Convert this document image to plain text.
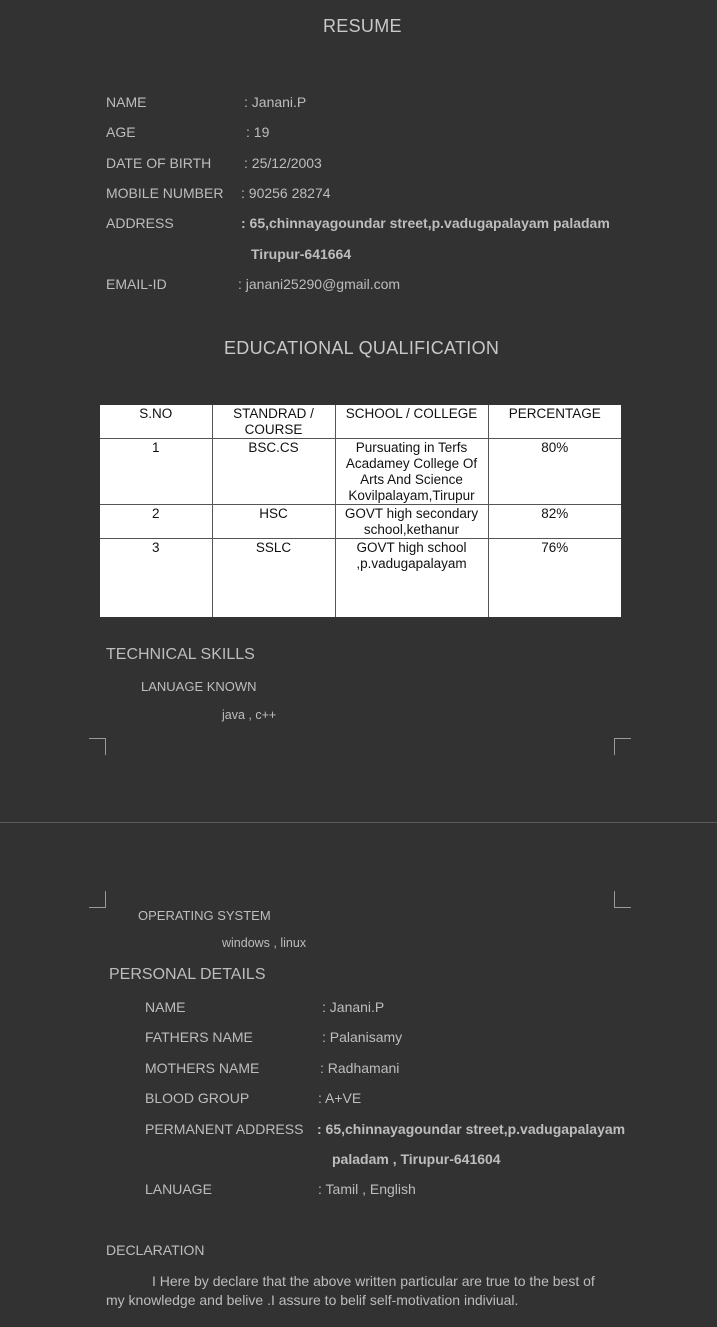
RESUME
NAME	: Janani.P
AGE	: 19
DATE OF BIRTH : 25/12/2003
MOBILE NUMBER : 90256 28274
ADDRESS	: 65,chinnayagoundar street,p.vadugapalayam paladam
Tirupur-641664
EMAIL-ID	: janani25290@gmail.com
EDUCATIONAL QUALIFICATION
S.NO	STANDRAD / COURSE	SCHOOL / COLLEGE	PERCENTAGE
1	BSC.CS	Pursuating in Terfs Acadamey College Of Arts And Science Kovilpalayam,Tirupur	80%
2	HSC	GOVT high secondary school,kethanur	82%
3	SSLC	GOVT high school ,p.vadugapalayam	76%
TECHNICAL SKILLS
LANUAGE KNOWN
java , c++
OPERATING SYSTEM
windows , linux
PERSONAL DETAILS
NAME	: Janani.P
FATHERS NAME	: Palanisamy
MOTHERS NAME	: Radhamani
BLOOD GROUP	: A+VE
PERMANENT ADDRESS : 65,chinnayagoundar street,p.vadugapalayam
paladam , Tirupur-641604
LANUAGE	: Tamil , English
DECLARATION
I Here by declare that the above written particular are true to the best of my knowledge and belive .I assure to belif self-motivation indiviual.
